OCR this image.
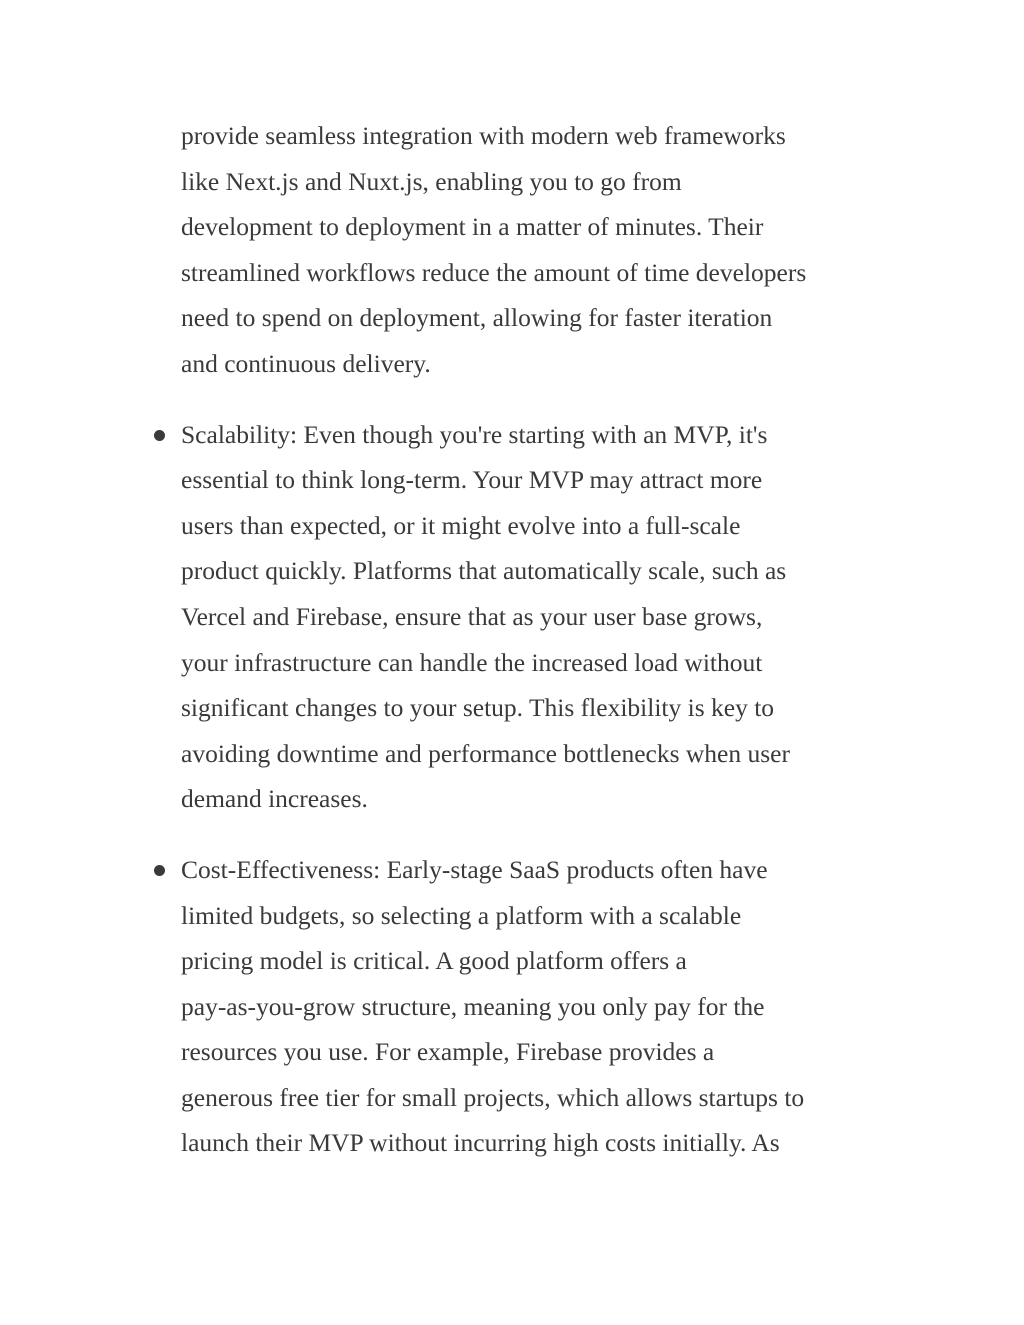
provide seamless integration with modern web frameworks
like Next.js and Nuxt.js, enabling you to go from
development to deployment in a matter of minutes. Their
streamlined workflows reduce the amount of time developers
need to spend on deployment, allowing for faster iteration
and continuous delivery.

Scalability: Even though you're starting with an MVP, it's
essential to think long-term. Your MVP may attract more
users than expected, or it might evolve into a full-scale
product quickly. Platforms that automatically scale, such as
Vercel and Firebase, ensure that as your user base grows,
your infrastructure can handle the increased load without
significant changes to your setup. This flexibility is key to
avoiding downtime and performance bottlenecks when user
demand increases.
Cost-Effectiveness: Early-stage SaaS products often have
limited budgets, so selecting a platform with a scalable
pricing model is critical. A good platform offers a
pay-as-you-grow structure, meaning you only pay for the
resources you use. For example, Firebase provides a
generous free tier for small projects, which allows startups to
launch their MVP without incurring high costs initially. As
